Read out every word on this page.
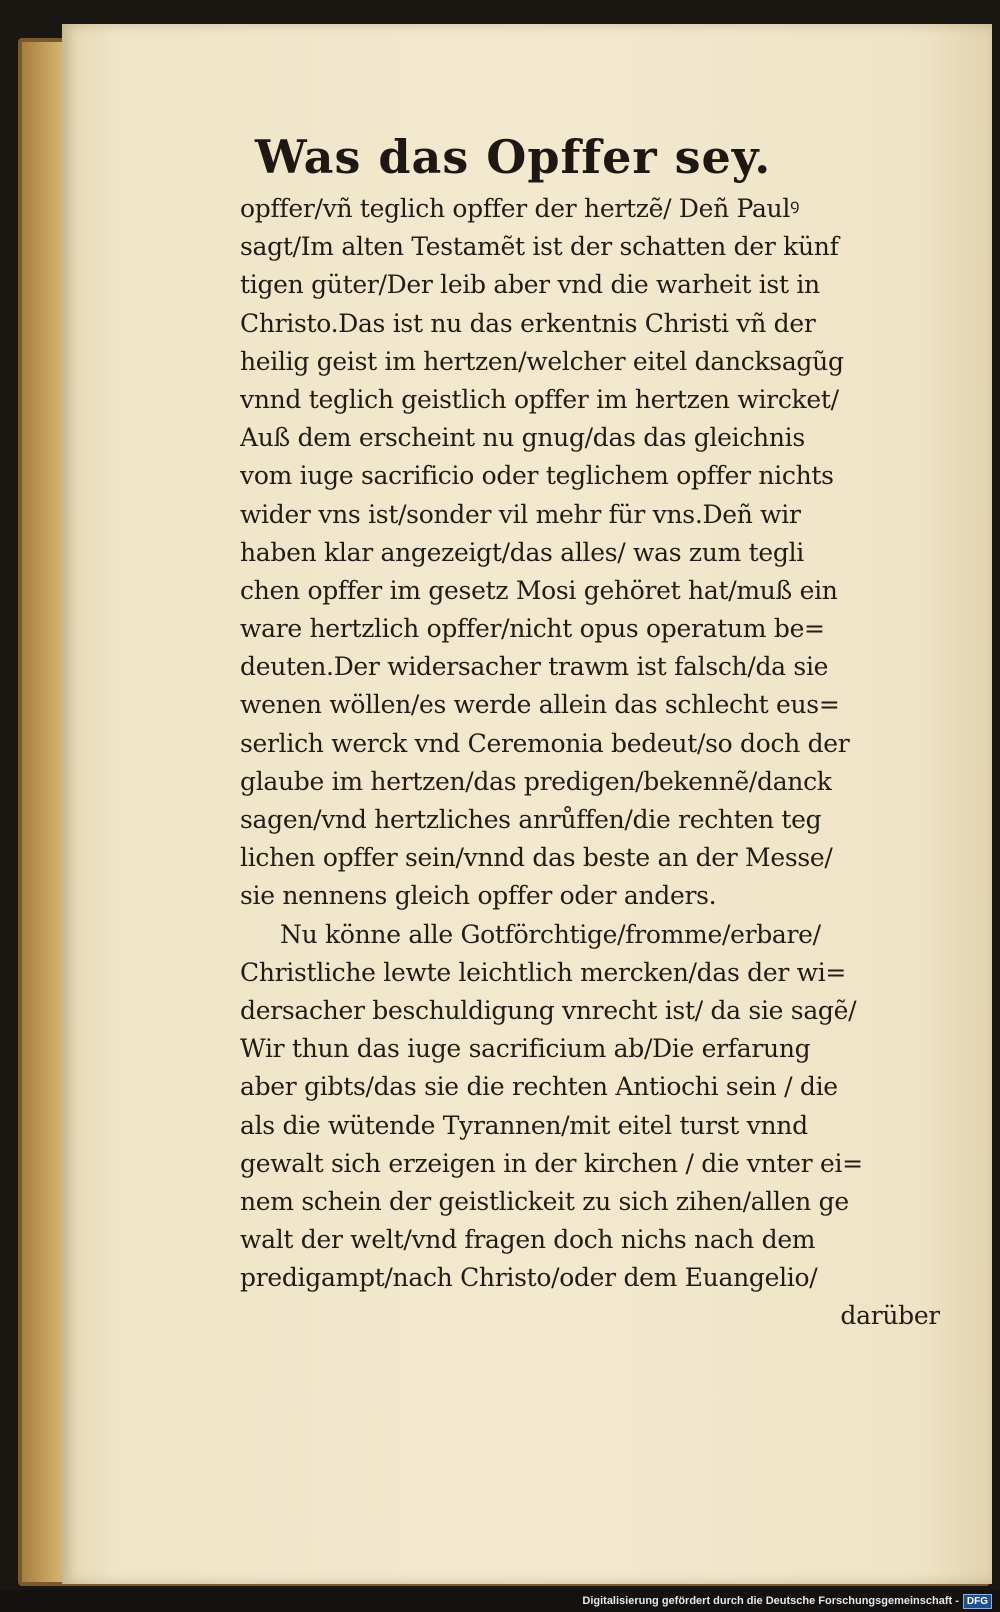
Was das Opffer sey.
opffer/vñ teglich opffer der hertzẽ/ Deñ Paulꝰ
sagt/Im alten Testamẽt ist der schatten der künf
tigen güter/Der leib aber vnd die warheit ist in
Christo.Das ist nu das erkentnis Christi vñ der
heilig geist im hertzen/welcher eitel dancksagũg
vnnd teglich geistlich opffer im hertzen wircket/
Auß dem erscheint nu gnug/das das gleichnis
vom iuge sacrificio oder teglichem opffer nichts
wider vns ist/sonder vil mehr für vns.Deñ wir
haben klar angezeigt/das alles/ was zum tegli
chen opffer im gesetz Mosi gehöret hat/muß ein
ware hertzlich opffer/nicht opus operatum be=
deuten.Der widersacher trawm ist falsch/da sie
wenen wöllen/es werde allein das schlecht eus=
serlich werck vnd Ceremonia bedeut/so doch der
glaube im hertzen/das predigen/bekennẽ/danck
sagen/vnd hertzliches anrůffen/die rechten teg
lichen opffer sein/vnnd das beste an der Messe/
sie nennens gleich opffer oder anders.
Nu könne alle Gotförchtige/fromme/erbare/
Christliche lewte leichtlich mercken/das der wi=
dersacher beschuldigung vnrecht ist/ da sie sagẽ/
Wir thun das iuge sacrificium ab/Die erfarung
aber gibts/das sie die rechten Antiochi sein / die
als die wütende Tyrannen/mit eitel turst vnnd
gewalt sich erzeigen in der kirchen / die vnter ei=
nem schein der geistlickeit zu sich zihen/allen ge
walt der welt/vnd fragen doch nichs nach dem
predigampt/nach Christo/oder dem Euangelio/
darüber
Digitalisierung gefördert durch die Deutsche Forschungsgemeinschaft - DFG
